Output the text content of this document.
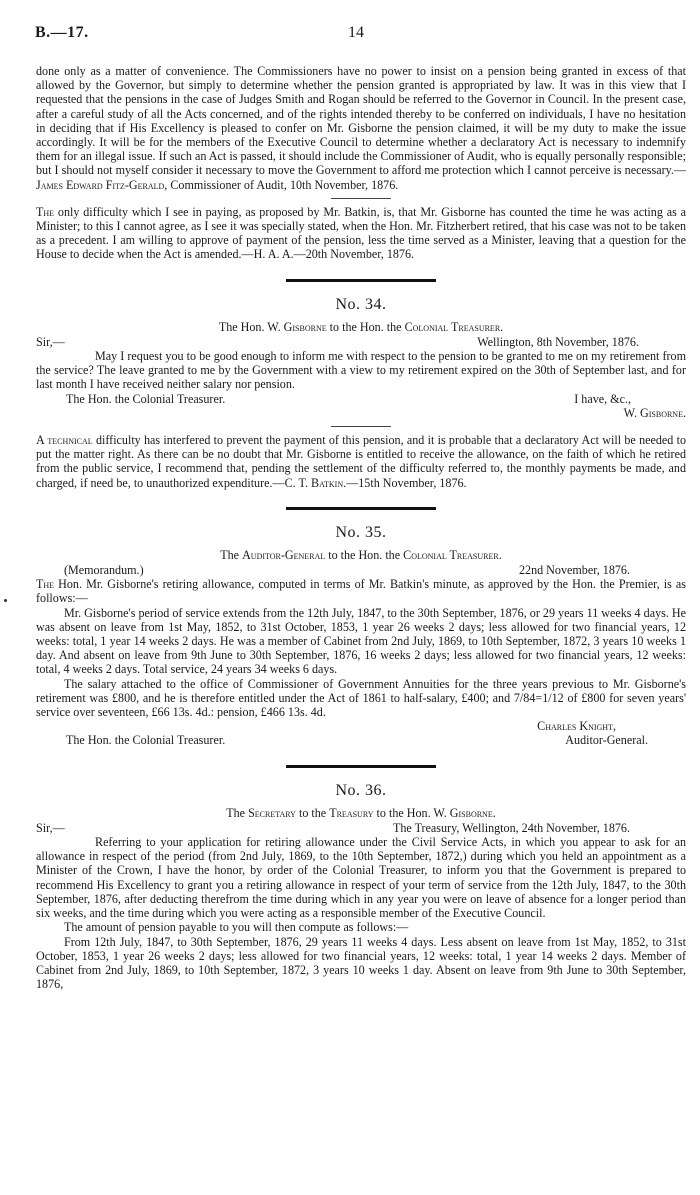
B.—17.	14

done only as a matter of convenience. The Commissioners have no power to insist on a pension being granted in excess of that allowed by the Governor, but simply to determine whether the pension granted is appropriated by law. It was in this view that I requested that the pensions in the case of Judges Smith and Rogan should be referred to the Governor in Council. In the present case, after a careful study of all the Acts concerned, and of the rights intended thereby to be conferred on individuals, I have no hesitation in deciding that if His Excellency is pleased to confer on Mr. Gisborne the pension claimed, it will be my duty to make the issue accordingly. It will be for the members of the Executive Council to determine whether a declaratory Act is necessary to indemnify them for an illegal issue. If such an Act is passed, it should include the Commissioner of Audit, who is equally personally responsible; but I should not myself consider it necessary to move the Government to afford me protection which I cannot perceive is necessary.—James Edward Fitz-Gerald, Commissioner of Audit, 10th November, 1876.

The only difficulty which I see in paying, as proposed by Mr. Batkin, is, that Mr. Gisborne has counted the time he was acting as a Minister; to this I cannot agree, as I see it was specially stated, when the Hon. Mr. Fitzherbert retired, that his case was not to be taken as a precedent. I am willing to approve of payment of the pension, less the time served as a Minister, leaving that a question for the House to decide when the Act is amended.—H. A. A.—20th November, 1876.

No. 34.
The Hon. W. Gisborne to the Hon. the Colonial Treasurer.
Sir,—	Wellington, 8th November, 1876.

May I request you to be good enough to inform me with respect to the pension to be granted to me on my retirement from the service? The leave granted to me by the Government with a view to my retirement expired on the 30th of September last, and for last month I have received neither salary nor pension.

The Hon. the Colonial Treasurer.	I have, &c.,
W. Gisborne.

A technical difficulty has interfered to prevent the payment of this pension, and it is probable that a declaratory Act will be needed to put the matter right. As there can be no doubt that Mr. Gisborne is entitled to receive the allowance, on the faith of which he retired from the public service, I recommend that, pending the settlement of the difficulty referred to, the monthly payments be made, and charged, if need be, to unauthorized expenditure.—C. T. Batkin.—15th November, 1876.

No. 35.
The Auditor-General to the Hon. the Colonial Treasurer.
(Memorandum.)	22nd November, 1876.

The Hon. Mr. Gisborne's retiring allowance, computed in terms of Mr. Batkin's minute, as approved by the Hon. the Premier, is as follows:—

Mr. Gisborne's period of service extends from the 12th July, 1847, to the 30th September, 1876, or 29 years 11 weeks 4 days. He was absent on leave from 1st May, 1852, to 31st October, 1853, 1 year 26 weeks 2 days; less allowed for two financial years, 12 weeks: total, 1 year 14 weeks 2 days. He was a member of Cabinet from 2nd July, 1869, to 10th September, 1872, 3 years 10 weeks 1 day. And absent on leave from 9th June to 30th September, 1876, 16 weeks 2 days; less allowed for two financial years, 12 weeks: total, 4 weeks 2 days. Total service, 24 years 34 weeks 6 days.

The salary attached to the office of Commissioner of Government Annuities for the three years previous to Mr. Gisborne's retirement was £800, and he is therefore entitled under the Act of 1861 to half-salary, £400; and 7/84=1/12 of £800 for seven years' service over seventeen, £66 13s. 4d.: pension, £466 13s. 4d.

Charles Knight,
The Hon. the Colonial Treasurer.	Auditor-General.
No. 36.
The Secretary to the Treasury to the Hon. W. Gisborne.
Sir,—	The Treasury, Wellington, 24th November, 1876.

Referring to your application for retiring allowance under the Civil Service Acts, in which you appear to ask for an allowance in respect of the period (from 2nd July, 1869, to the 10th September, 1872,) during which you held an appointment as a Minister of the Crown, I have the honor, by order of the Colonial Treasurer, to inform you that the Government is prepared to recommend His Excellency to grant you a retiring allowance in respect of your term of service from the 12th July, 1847, to the 30th September, 1876, after deducting therefrom the time during which in any year you were on leave of absence for a longer period than six weeks, and the time during which you were acting as a responsible member of the Executive Council.

The amount of pension payable to you will then compute as follows:—

From 12th July, 1847, to 30th September, 1876, 29 years 11 weeks 4 days. Less absent on leave from 1st May, 1852, to 31st October, 1853, 1 year 26 weeks 2 days; less allowed for two financial years, 12 weeks: total, 1 year 14 weeks 2 days. Member of Cabinet from 2nd July, 1869, to 10th September, 1872, 3 years 10 weeks 1 day. Absent on leave from 9th June to 30th September, 1876,
